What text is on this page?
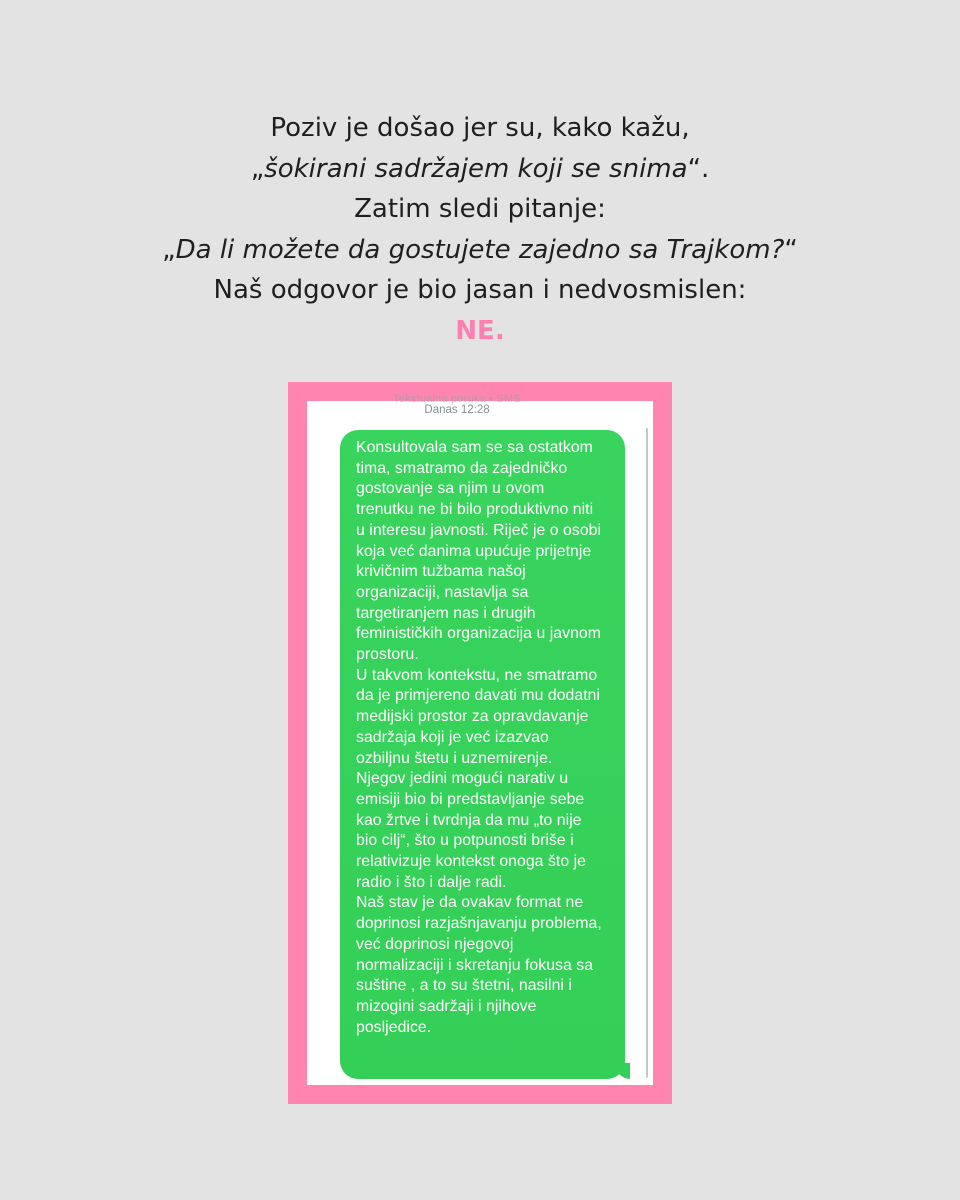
Poziv je došao jer su, kako kažu,
„šokirani sadržajem koji se snima“.
Zatim sledi pitanje:
„Da li možete da gostujete zajedno sa Trajkom?“
Naš odgovor je bio jasan i nedvosmislen:
NE.
Tekstualna poruka • SMS
Danas 12:28
Konsultovala sam se sa ostatkom
tima, smatramo da zajedničko
gostovanje sa njim u ovom
trenutku ne bi bilo produktivno niti
u interesu javnosti. Riječ je o osobi
koja već danima upućuje prijetnje
krivičnim tužbama našoj
organizaciji, nastavlja sa
targetiranjem nas i drugih
feminističkih organizacija u javnom
prostoru.
U takvom kontekstu, ne smatramo
da je primjereno davati mu dodatni
medijski prostor za opravdavanje
sadržaja koji je već izazvao
ozbiljnu štetu i uznemirenje.
Njegov jedini mogući narativ u
emisiji bio bi predstavljanje sebe
kao žrtve i tvrdnja da mu „to nije
bio cilj“, što u potpunosti briše i
relativizuje kontekst onoga što je
radio i što i dalje radi.
Naš stav je da ovakav format ne
doprinosi razjašnjavanju problema,
već doprinosi njegovoj
normalizaciji i skretanju fokusa sa
suštine , a to su štetni, nasilni i
mizogini sadržaji i njihove
posljedice.
